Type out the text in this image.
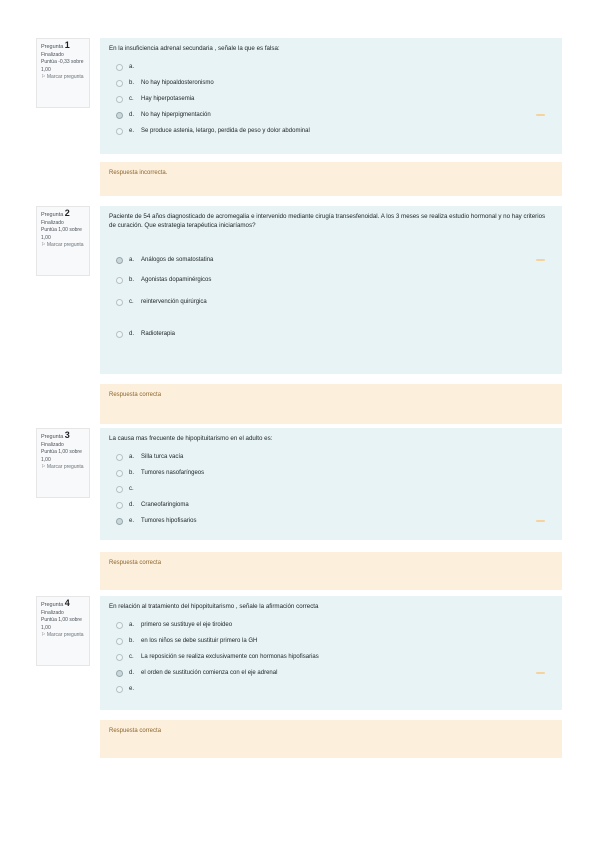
Pregunta 1
Finalizado
Puntúa -0,33 sobre 1,00
⚐ Marcar pregunta
En la insuficiencia adrenal secundaria , señale la que es falsa:
a.
b.	No hay hipoaldosteronismo
c.	Hay hiperpotasemia
d.	No hay hiperpigmentación
e.	Se produce astenia, letargo, perdida de peso y dolor abdominal
Respuesta incorrecta.
Pregunta 2
Finalizado
Puntúa 1,00 sobre 1,00
⚐ Marcar pregunta
Paciente de 54 años diagnosticado de acromegalia e intervenido mediante cirugía transesfenoidal. A los 3 meses se realiza estudio hormonal y no hay criterios de curación. Que estrategia terapéutica iniciaríamos?
a.	Análogos de somatostatina
b.	Agonistas dopaminérgicos
c.	reintervención quirúrgica
d.	Radioterapia
Respuesta correcta
Pregunta 3
Finalizado
Puntúa 1,00 sobre 1,00
⚐ Marcar pregunta
La causa mas frecuente de hipopituitarismo en el adulto es:
a.	Silla turca vacía
b.	Tumores nasofaríngeos
c.
d.	Craneofaringioma
e.	Tumores hipofisarios
Respuesta correcta
Pregunta 4
Finalizado
Puntúa 1,00 sobre 1,00
⚐ Marcar pregunta
En relación al tratamiento del hipopituitarismo , señale la afirmación correcta
a.	primero se sustituye el eje tiroideo
b.	en los niños se debe sustituir primero la GH
c.	La reposición se realiza exclusivamente con hormonas hipofisarias
d.	el orden de sustitución comienza con el eje adrenal
e.
Respuesta correcta
